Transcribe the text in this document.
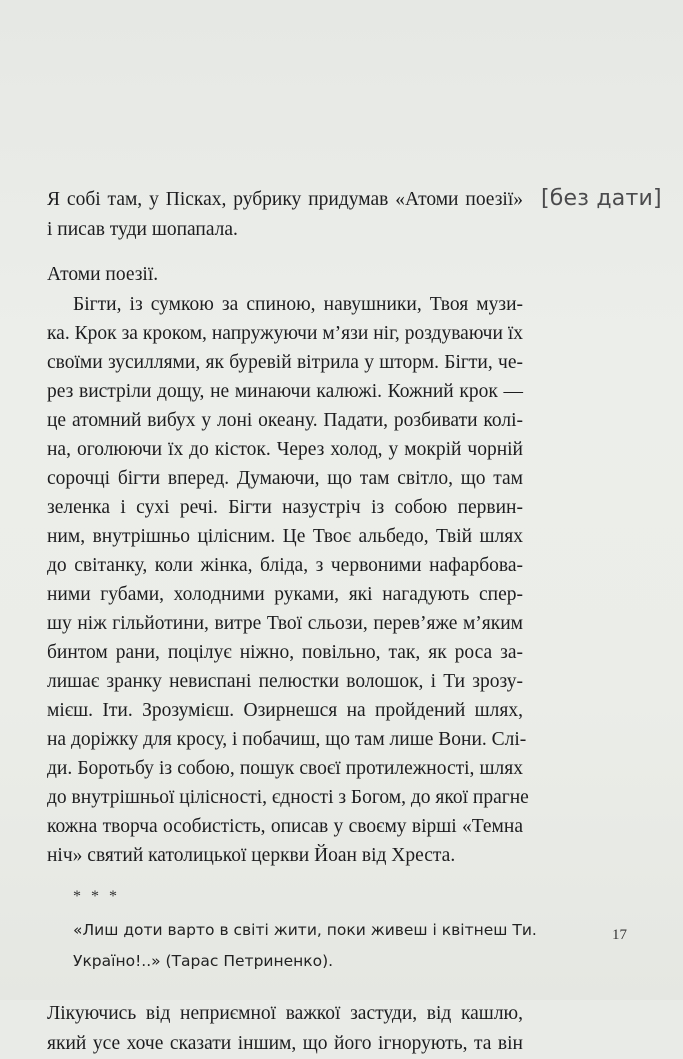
[без дати]
Я собі там, у Пісках, рубрику придумав «Атоми поезії»
і писав туди шопапала.
Атоми поезії.
Бігти, із сумкою за спиною, навушники, Твоя музи-
ка. Крок за кроком, напружуючи м’язи ніг, роздуваючи їх
своїми зусиллями, як буревій вітрила у шторм. Бігти, че-
рез вистріли дощу, не минаючи калюжі. Кожний крок —
це атомний вибух у лоні океану. Падати, розбивати колі-
на, оголюючи їх до кісток. Через холод, у мокрій чорній
сорочці бігти вперед. Думаючи, що там світло, що там
зеленка і сухі речі. Бігти назустріч із собою первин-
ним, внутрішньо цілісним. Це Твоє альбедо, Твій шлях
до світанку, коли жінка, бліда, з червоними нафарбова-
ними губами, холодними руками, які нагадують спер-
шу ніж гільйотини, витре Твої сльози, перев’яже м’яким
бинтом рани, поцілує ніжно, повільно, так, як роса за-
лишає зранку невиспані пелюстки волошок, і Ти зрозу-
мієш. Іти. Зрозумієш. Озирнешся на пройдений шлях,
на доріжку для кросу, і побачиш, що там лише Вони. Слі-
ди. Боротьбу із собою, пошук своєї протилежності, шлях
до внутрішньої цілісності, єдності з Богом, до якої прагне
кожна творча особистість, описав у своєму вірші «Темна
ніч» святий католицької церкви Йоан від Хреста.
* * *
«Лиш доти варто в світі жити, поки живеш і квітнеш Ти.
Україно!..» (Тарас Петриненко).
Лікуючись від неприємної важкої застуди, від кашлю,
який усе хоче сказати іншим, що його ігнорують, та він
17
